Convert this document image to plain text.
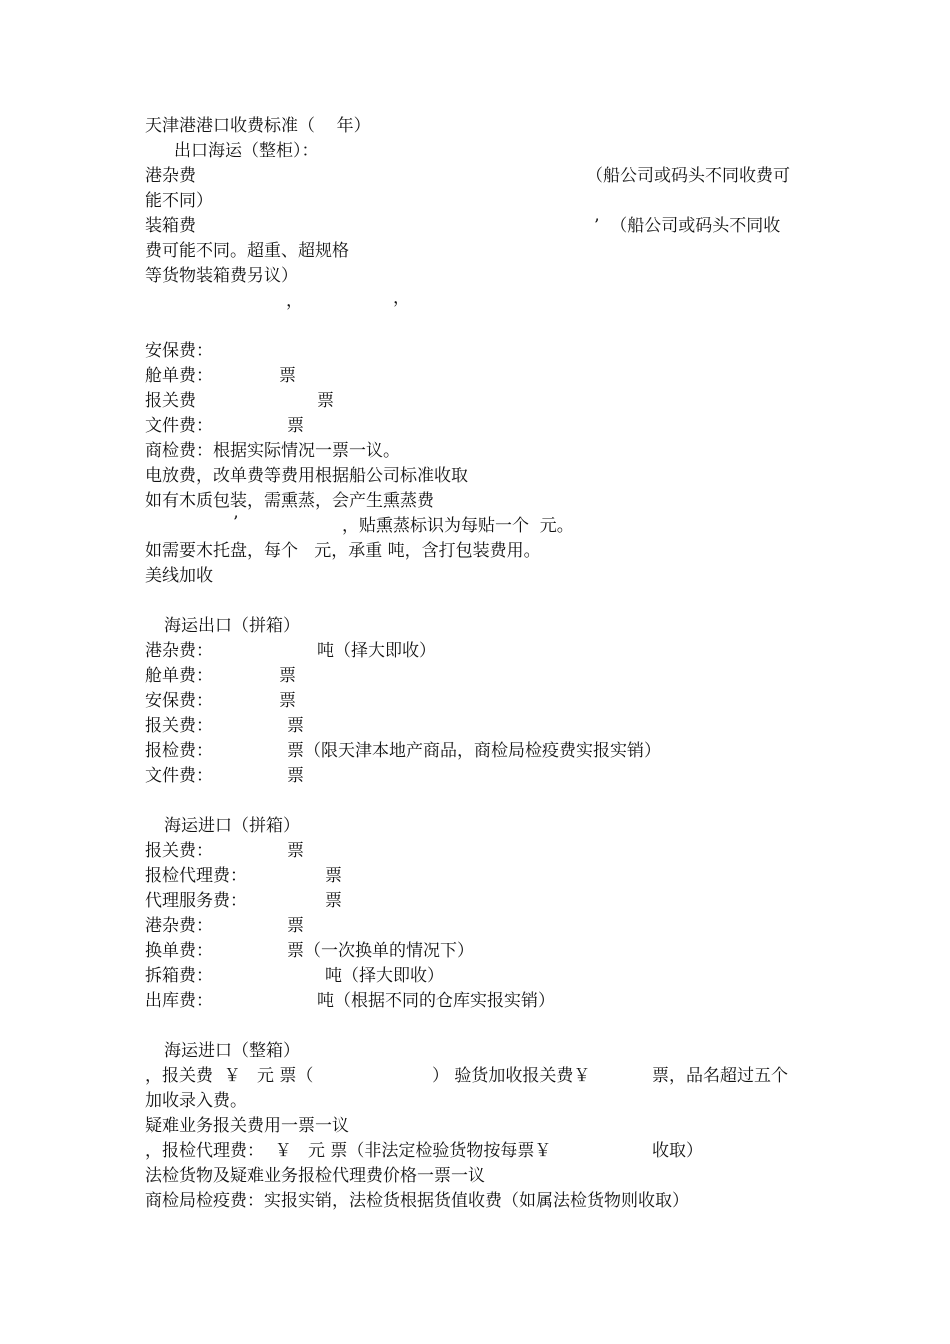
天津港港口收费标准（    年）
出口海运（整柜）：
港杂费	（船公司或码头不同收费可
能不同）
装箱费	’  （船公司或码头不同收
费可能不同。超重、超规格
等货物装箱费另议）
，	，
安保费：
舱单费：	票
报关费	票
文件费：	票
商检费：根据实际情况一票一议。
电放费，改单费等费用根据船公司标准收取
如有木质包装，需熏蒸，会产生熏蒸费
’	，贴熏蒸标识为每贴一个  元。
如需要木托盘，每个   元，承重 吨，含打包装费用。
美线加收
海运出口（拼箱）
港杂费：	吨（择大即收）
舱单费：	票
安保费：	票
报关费：	票
报检费：	票（限天津本地产商品，商检局检疫费实报实销）
文件费：	票
海运进口（拼箱）
报关费：	票
报检代理费：	票
代理服务费：	票
港杂费：	票
换单费：	票（一次换单的情况下）
拆箱费：	吨（择大即收）
出库费：	吨（根据不同的仓库实报实销）
海运进口（整箱）
，报关费  ￥   元 票（	） 验货加收报关费￥	票，品名超过五个
加收录入费。
疑难业务报关费用一票一议
，报检代理费：  ￥   元 票（非法定检验货物按每票￥	收取）
法检货物及疑难业务报检代理费价格一票一议
商检局检疫费：实报实销，法检货根据货值收费（如属法检货物则收取）
